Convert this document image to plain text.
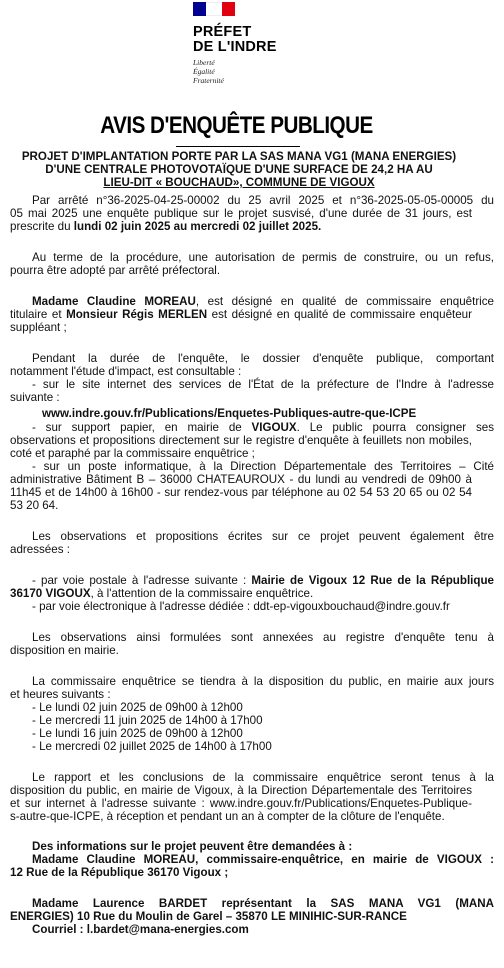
PRÉFET
DE L'INDRE
Liberté
Égalité
Fraternité
AVIS D'ENQUÊTE PUBLIQUE
PROJET D'IMPLANTATION PORTE PAR LA SAS MANA VG1 (MANA ENERGIES)
D'UNE CENTRALE PHOTOVOTAÏQUE D'UNE SURFACE DE 24,2 HA AU
LIEU-DIT « BOUCHAUD», COMMUNE DE VIGOUX
Par arrêté n°36-2025-04-25-00002 du 25 avril 2025 et n°36-2025-05-05-00005 du
05 mai 2025 une enquête publique sur le projet susvisé, d'une durée de 31 jours, est
prescrite du lundi 02 juin 2025 au mercredi 02 juillet 2025.
Au terme de la procédure, une autorisation de permis de construire, ou un refus,
pourra être adopté par arrêté préfectoral.
Madame Claudine MOREAU, est désigné en qualité de commissaire enquêtrice
titulaire et Monsieur Régis MERLEN est désigné en qualité de commissaire enquêteur
suppléant ;
Pendant la durée de l'enquête, le dossier d'enquête publique, comportant
notamment l'étude d'impact, est consultable :
- sur le site internet des services de l'État de la préfecture de l'Indre à l'adresse
suivante :
www.indre.gouv.fr/Publications/Enquetes-Publiques-autre-que-ICPE
- sur support papier, en mairie de VIGOUX. Le public pourra consigner ses
observations et propositions directement sur le registre d'enquête à feuillets non mobiles,
coté et paraphé par la commissaire enquêtrice ;
- sur un poste informatique, à la Direction Départementale des Territoires – Cité
administrative Bâtiment B – 36000 CHATEAUROUX - du lundi au vendredi de 09h00 à
11h45 et de 14h00 à 16h00 - sur rendez-vous par téléphone au 02 54 53 20 65 ou 02 54
53 20 64.
Les observations et propositions écrites sur ce projet peuvent également être
adressées :
- par voie postale à l'adresse suivante : Mairie de Vigoux 12 Rue de la République
36170 VIGOUX, à l'attention de la commissaire enquêtrice.
- par voie électronique à l'adresse dédiée : ddt-ep-vigouxbouchaud@indre.gouv.fr
Les observations ainsi formulées sont annexées au registre d'enquête tenu à
disposition en mairie.
La commissaire enquêtrice se tiendra à la disposition du public, en mairie aux jours
et heures suivants :
- Le lundi 02 juin 2025 de 09h00 à 12h00
- Le mercredi 11 juin 2025 de 14h00 à 17h00
- Le lundi 16 juin 2025 de 09h00 à 12h00
- Le mercredi 02 juillet 2025 de 14h00 à 17h00
Le rapport et les conclusions de la commissaire enquêtrice seront tenus à la
disposition du public, en mairie de Vigoux, à la Direction Départementale des Territoires
et sur internet à l'adresse suivante : www.indre.gouv.fr/Publications/Enquetes-Publique-
s-autre-que-ICPE, à réception et pendant un an à compter de la clôture de l'enquête.
Des informations sur le projet peuvent être demandées à :
Madame Claudine MOREAU, commissaire-enquêtrice, en mairie de VIGOUX :
12 Rue de la République 36170 Vigoux ;
Madame Laurence BARDET représentant la SAS MANA VG1 (MANA
ENERGIES) 10 Rue du Moulin de Garel – 35870 LE MINIHIC-SUR-RANCE
Courriel : l.bardet@mana-energies.com
